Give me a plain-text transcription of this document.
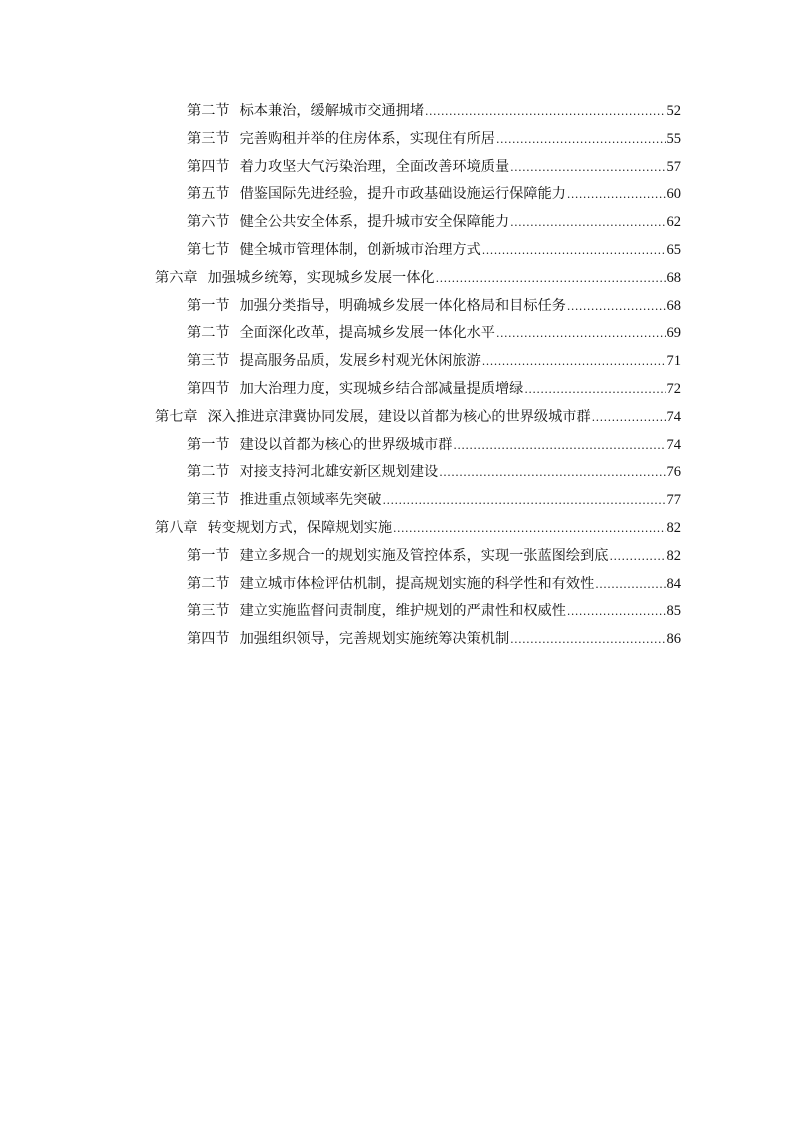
第二节 标本兼治，缓解城市交通拥堵 .....	52
第三节 完善购租并举的住房体系，实现住有所居 .....	55
第四节 着力攻坚大气污染治理，全面改善环境质量 .....	57
第五节 借鉴国际先进经验，提升市政基础设施运行保障能力 .....	60
第六节 健全公共安全体系，提升城市安全保障能力 .....	62
第七节 健全城市管理体制，创新城市治理方式 .....	65
第六章 加强城乡统筹，实现城乡发展一体化 .....	68
第一节 加强分类指导，明确城乡发展一体化格局和目标任务 .....	68
第二节 全面深化改革，提高城乡发展一体化水平 .....	69
第三节 提高服务品质，发展乡村观光休闲旅游 .....	71
第四节 加大治理力度，实现城乡结合部减量提质增绿 .....	72
第七章 深入推进京津冀协同发展，建设以首都为核心的世界级城市群 .....	74
第一节 建设以首都为核心的世界级城市群 .....	74
第二节 对接支持河北雄安新区规划建设 .....	76
第三节 推进重点领域率先突破 .....	77
第八章 转变规划方式，保障规划实施 .....	82
第一节 建立多规合一的规划实施及管控体系，实现一张蓝图绘到底 .....	82
第二节 建立城市体检评估机制，提高规划实施的科学性和有效性 .....	84
第三节 建立实施监督问责制度，维护规划的严肃性和权威性 .....	85
第四节 加强组织领导，完善规划实施统筹决策机制 .....	86
